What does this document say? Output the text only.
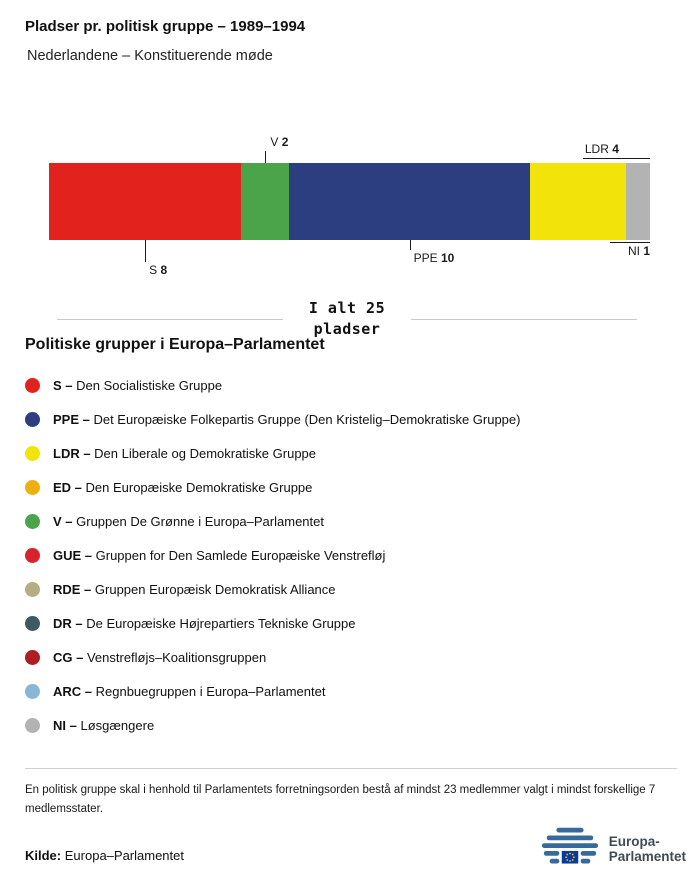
Pladser pr. politisk gruppe – 1989–1994
Nederlandene – Konstituerende møde
S 8
V 2
PPE 10
LDR 4
NI 1
I alt 25
pladser
Politiske grupper i Europa–Parlamentet
S – Den Socialistiske Gruppe
PPE – Det Europæiske Folkepartis Gruppe (Den Kristelig–Demokratiske Gruppe)
LDR – Den Liberale og Demokratiske Gruppe
ED – Den Europæiske Demokratiske Gruppe
V – Gruppen De Grønne i Europa–Parlamentet
GUE – Gruppen for Den Samlede Europæiske Venstrefløj
RDE – Gruppen Europæisk Demokratisk Alliance
DR – De Europæiske Højrepartiers Tekniske Gruppe
CG – Venstrefløjs–Koalitionsgruppen
ARC – Regnbuegruppen i Europa–Parlamentet
NI – Løsgængere

En politisk gruppe skal i henhold til Parlamentets forretningsorden bestå af mindst 23 medlemmer valgt i mindst forskellige 7 medlemsstater.

Kilde: Europa–Parlamentet

Europa-
Parlamentet
